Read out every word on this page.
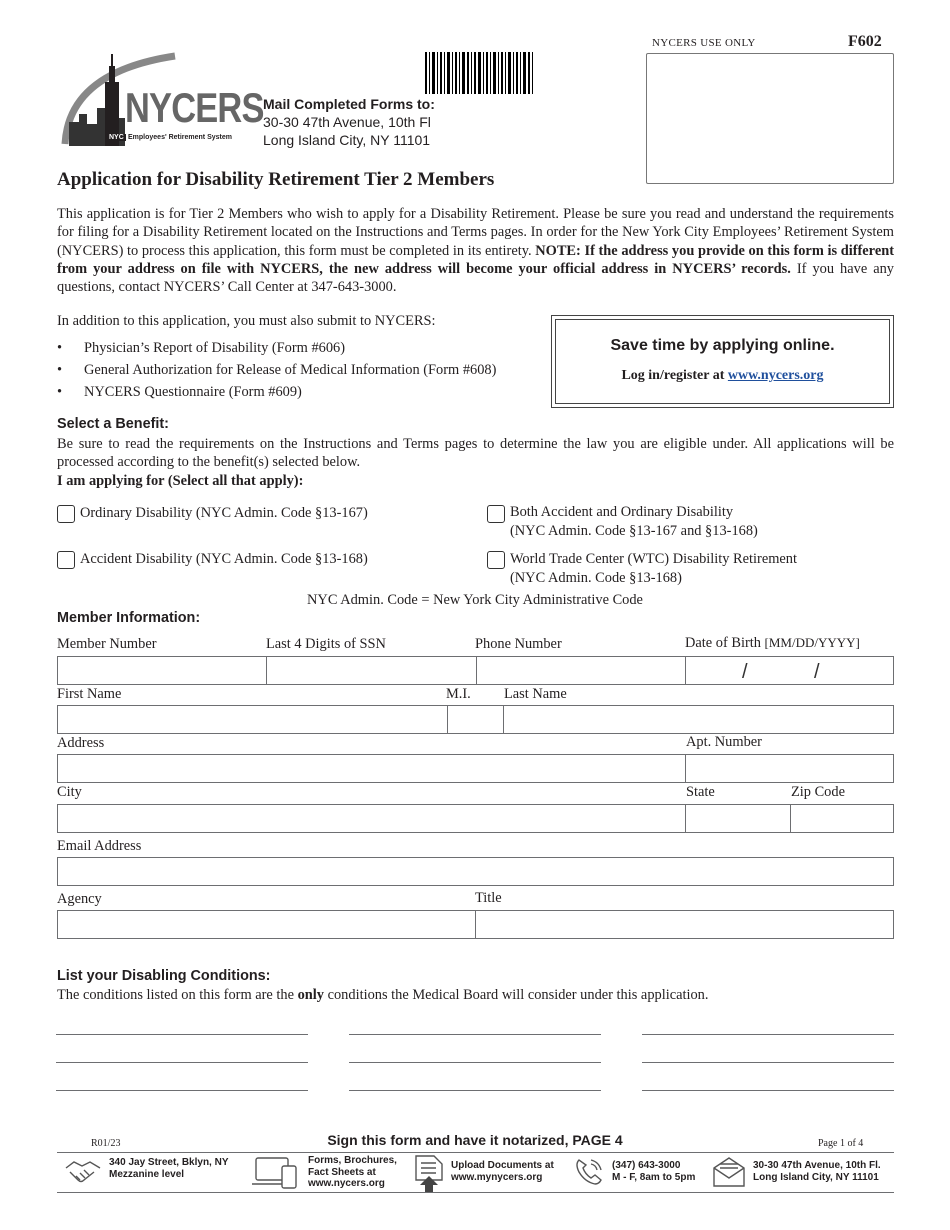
NYCERS
NYC Employees' Retirement System
Mail Completed Forms to:
30-30 47th Avenue, 10th Fl
Long Island City, NY 11101
NYCERS USE ONLY	F602
Application for Disability Retirement Tier 2 Members
This application is for Tier 2 Members who wish to apply for a Disability Retirement. Please be sure you read and understand the requirements for filing for a Disability Retirement located on the Instructions and Terms pages. In order for the New York City Employees’ Retirement System (NYCERS) to process this application, this form must be completed in its entirety. NOTE: If the address you provide on this form is different from your address on file with NYCERS, the new address will become your official address in NYCERS’ records. If you have any questions, contact NYCERS’ Call Center at 347-643-3000.
In addition to this application, you must also submit to NYCERS:
• Physician’s Report of Disability (Form #606)
• General Authorization for Release of Medical Information (Form #608)
• NYCERS Questionnaire (Form #609)
Save time by applying online.
Log in/register at www.nycers.org
Select a Benefit:
Be sure to read the requirements on the Instructions and Terms pages to determine the law you are eligible under. All applications will be processed according to the benefit(s) selected below.
I am applying for (Select all that apply):
Ordinary Disability (NYC Admin. Code §13-167)	Both Accident and Ordinary Disability
(NYC Admin. Code §13-167 and §13-168)
Accident Disability (NYC Admin. Code §13-168)	World Trade Center (WTC) Disability Retirement
(NYC Admin. Code §13-168)
NYC Admin. Code = New York City Administrative Code
Member Information:
Member Number	Last 4 Digits of SSN	Phone Number	Date of Birth [MM/DD/YYYY]
/	/
First Name	M.I. Last Name
Address	Apt. Number
City	State	Zip Code
Email Address
Agency	Title
List your Disabling Conditions:
The conditions listed on this form are the only conditions the Medical Board will consider under this application.
R01/23	Sign this form and have it notarized, PAGE 4	Page 1 of 4
340 Jay Street, Bklyn, NY
Mezzanine level
Forms, Brochures,
Fact Sheets at
www.nycers.org
Upload Documents at
www.mynycers.org
(347) 643-3000
M - F, 8am to 5pm
30-30 47th Avenue, 10th Fl.
Long Island City, NY 11101
